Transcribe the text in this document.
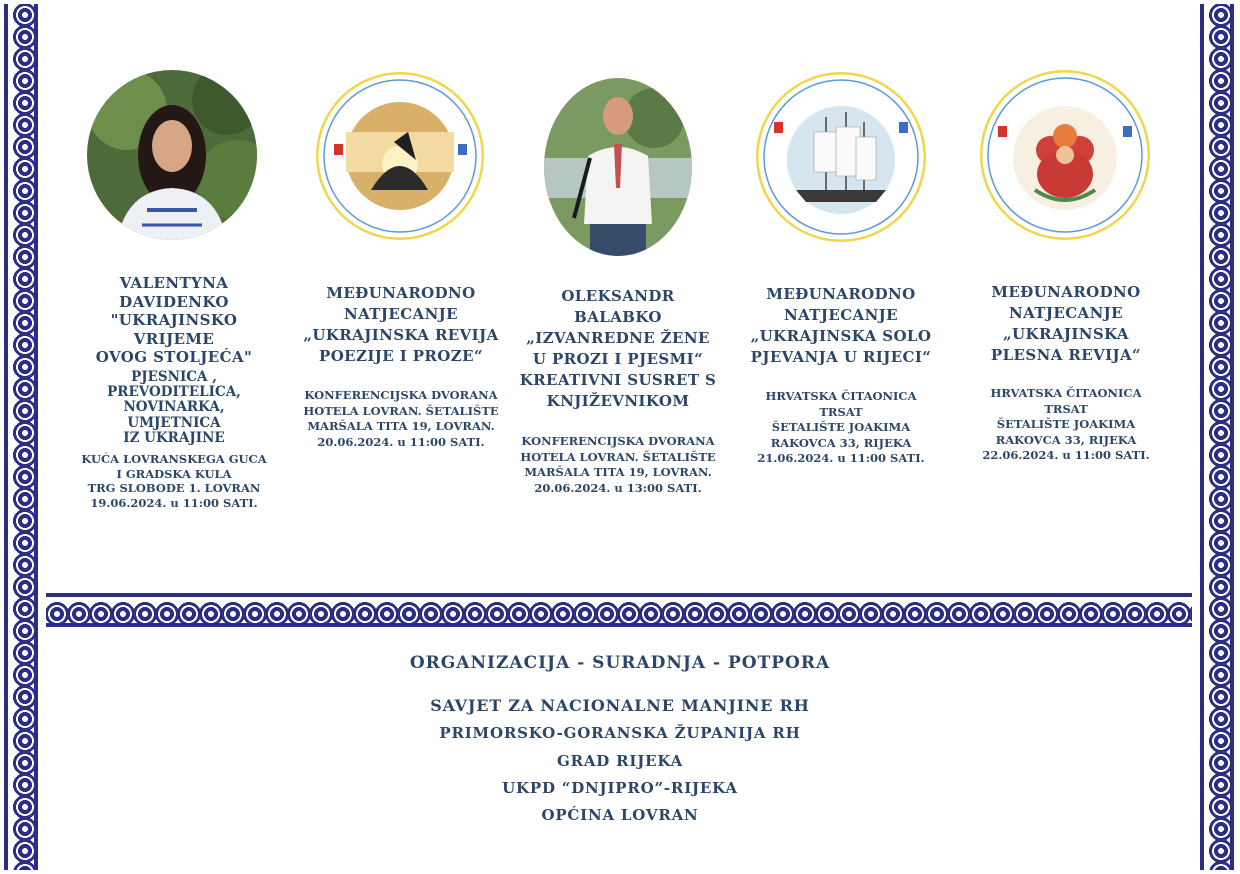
VALENTYNA
DAVIDENKO
"UKRAJINSKO
VRIJEME
OVOG STOLJEĆA"
PJESNICA ,
PREVODITELICA,
NOVINARKA,
UMJETNICA
IZ UKRAJINE
KUĆA LOVRANSKEGA GUCA
I GRADSKA KULA
TRG SLOBODE 1. LOVRAN
19.06.2024. u 11:00 SATI.
MEĐUNARODNO
NATJECANJE
„UKRAJINSKA REVIJA
POEZIJE I PROZE“
KONFERENCIJSKA DVORANA
HOTELA LOVRAN. ŠETALIŠTE
MARŠALA TITA 19, LOVRAN.
20.06.2024. u 11:00 SATI.
OLEKSANDR
BALABKO
„IZVANREDNE ŽENE
U PROZI I PJESMI“
KREATIVNI SUSRET S
KNJIŽEVNIKOM
KONFERENCIJSKA DVORANA
HOTELA LOVRAN. ŠETALIŠTE
MARŠALA TITA 19, LOVRAN.
20.06.2024. u 13:00 SATI.
MEĐUNARODNO
NATJECANJE
„UKRAJINSKA SOLO
PJEVANJA U RIJECI“
HRVATSKA ČITAONICA
TRSAT
ŠETALIŠTE JOAKIMA
RAKOVCA 33, RIJEKA
21.06.2024. u 11:00 SATI.
MEĐUNARODNO
NATJECANJE
„UKRAJINSKA
PLESNA REVIJA“
HRVATSKA ČITAONICA
TRSAT
ŠETALIŠTE JOAKIMA
RAKOVCA 33, RIJEKA
22.06.2024. u 11:00 SATI.
ORGANIZACIJA - SURADNJA - POTPORA
SAVJET ZA NACIONALNE MANJINE RH
PRIMORSKO-GORANSKA ŽUPANIJA RH
GRAD RIJEKA
UKPD “DNJIPRO”-RIJEKA
OPĆINA LOVRAN
